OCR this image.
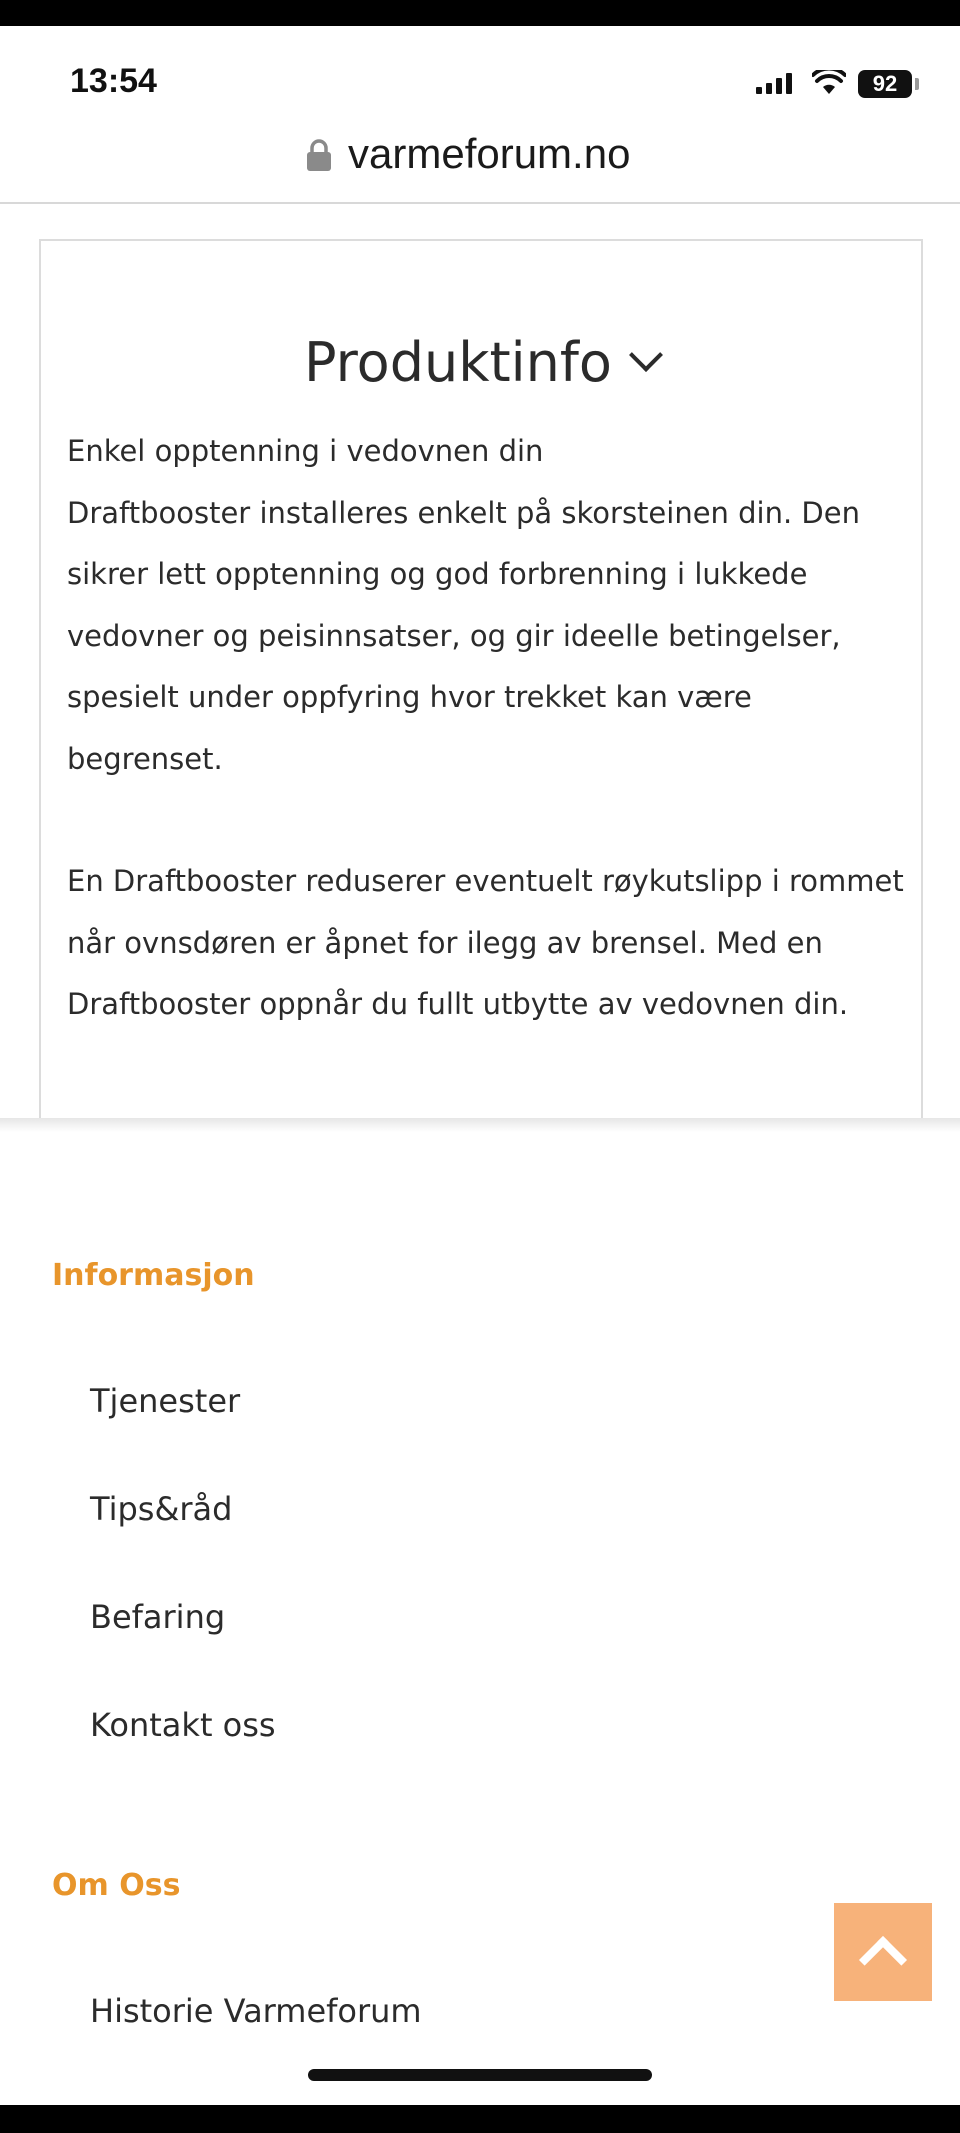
13:54	92
varmeforum.no
Produktinfo

Enkel opptenning i vedovnen din

Draftbooster installeres enkelt på skorsteinen din. Den sikrer lett opptenning og god forbrenning i lukkede vedovner og peisinnsatser, og gir ideelle betingelser, spesielt under oppfyring hvor trekket kan være begrenset.

En Draftbooster reduserer eventuelt røykutslipp i rommet når ovnsdøren er åpnet for ilegg av brensel. Med en Draftbooster oppnår du fullt utbytte av vedovnen din.

Informasjon
Tjenester
Tips&råd
Befaring
Kontakt oss
Om Oss
Historie Varmeforum
